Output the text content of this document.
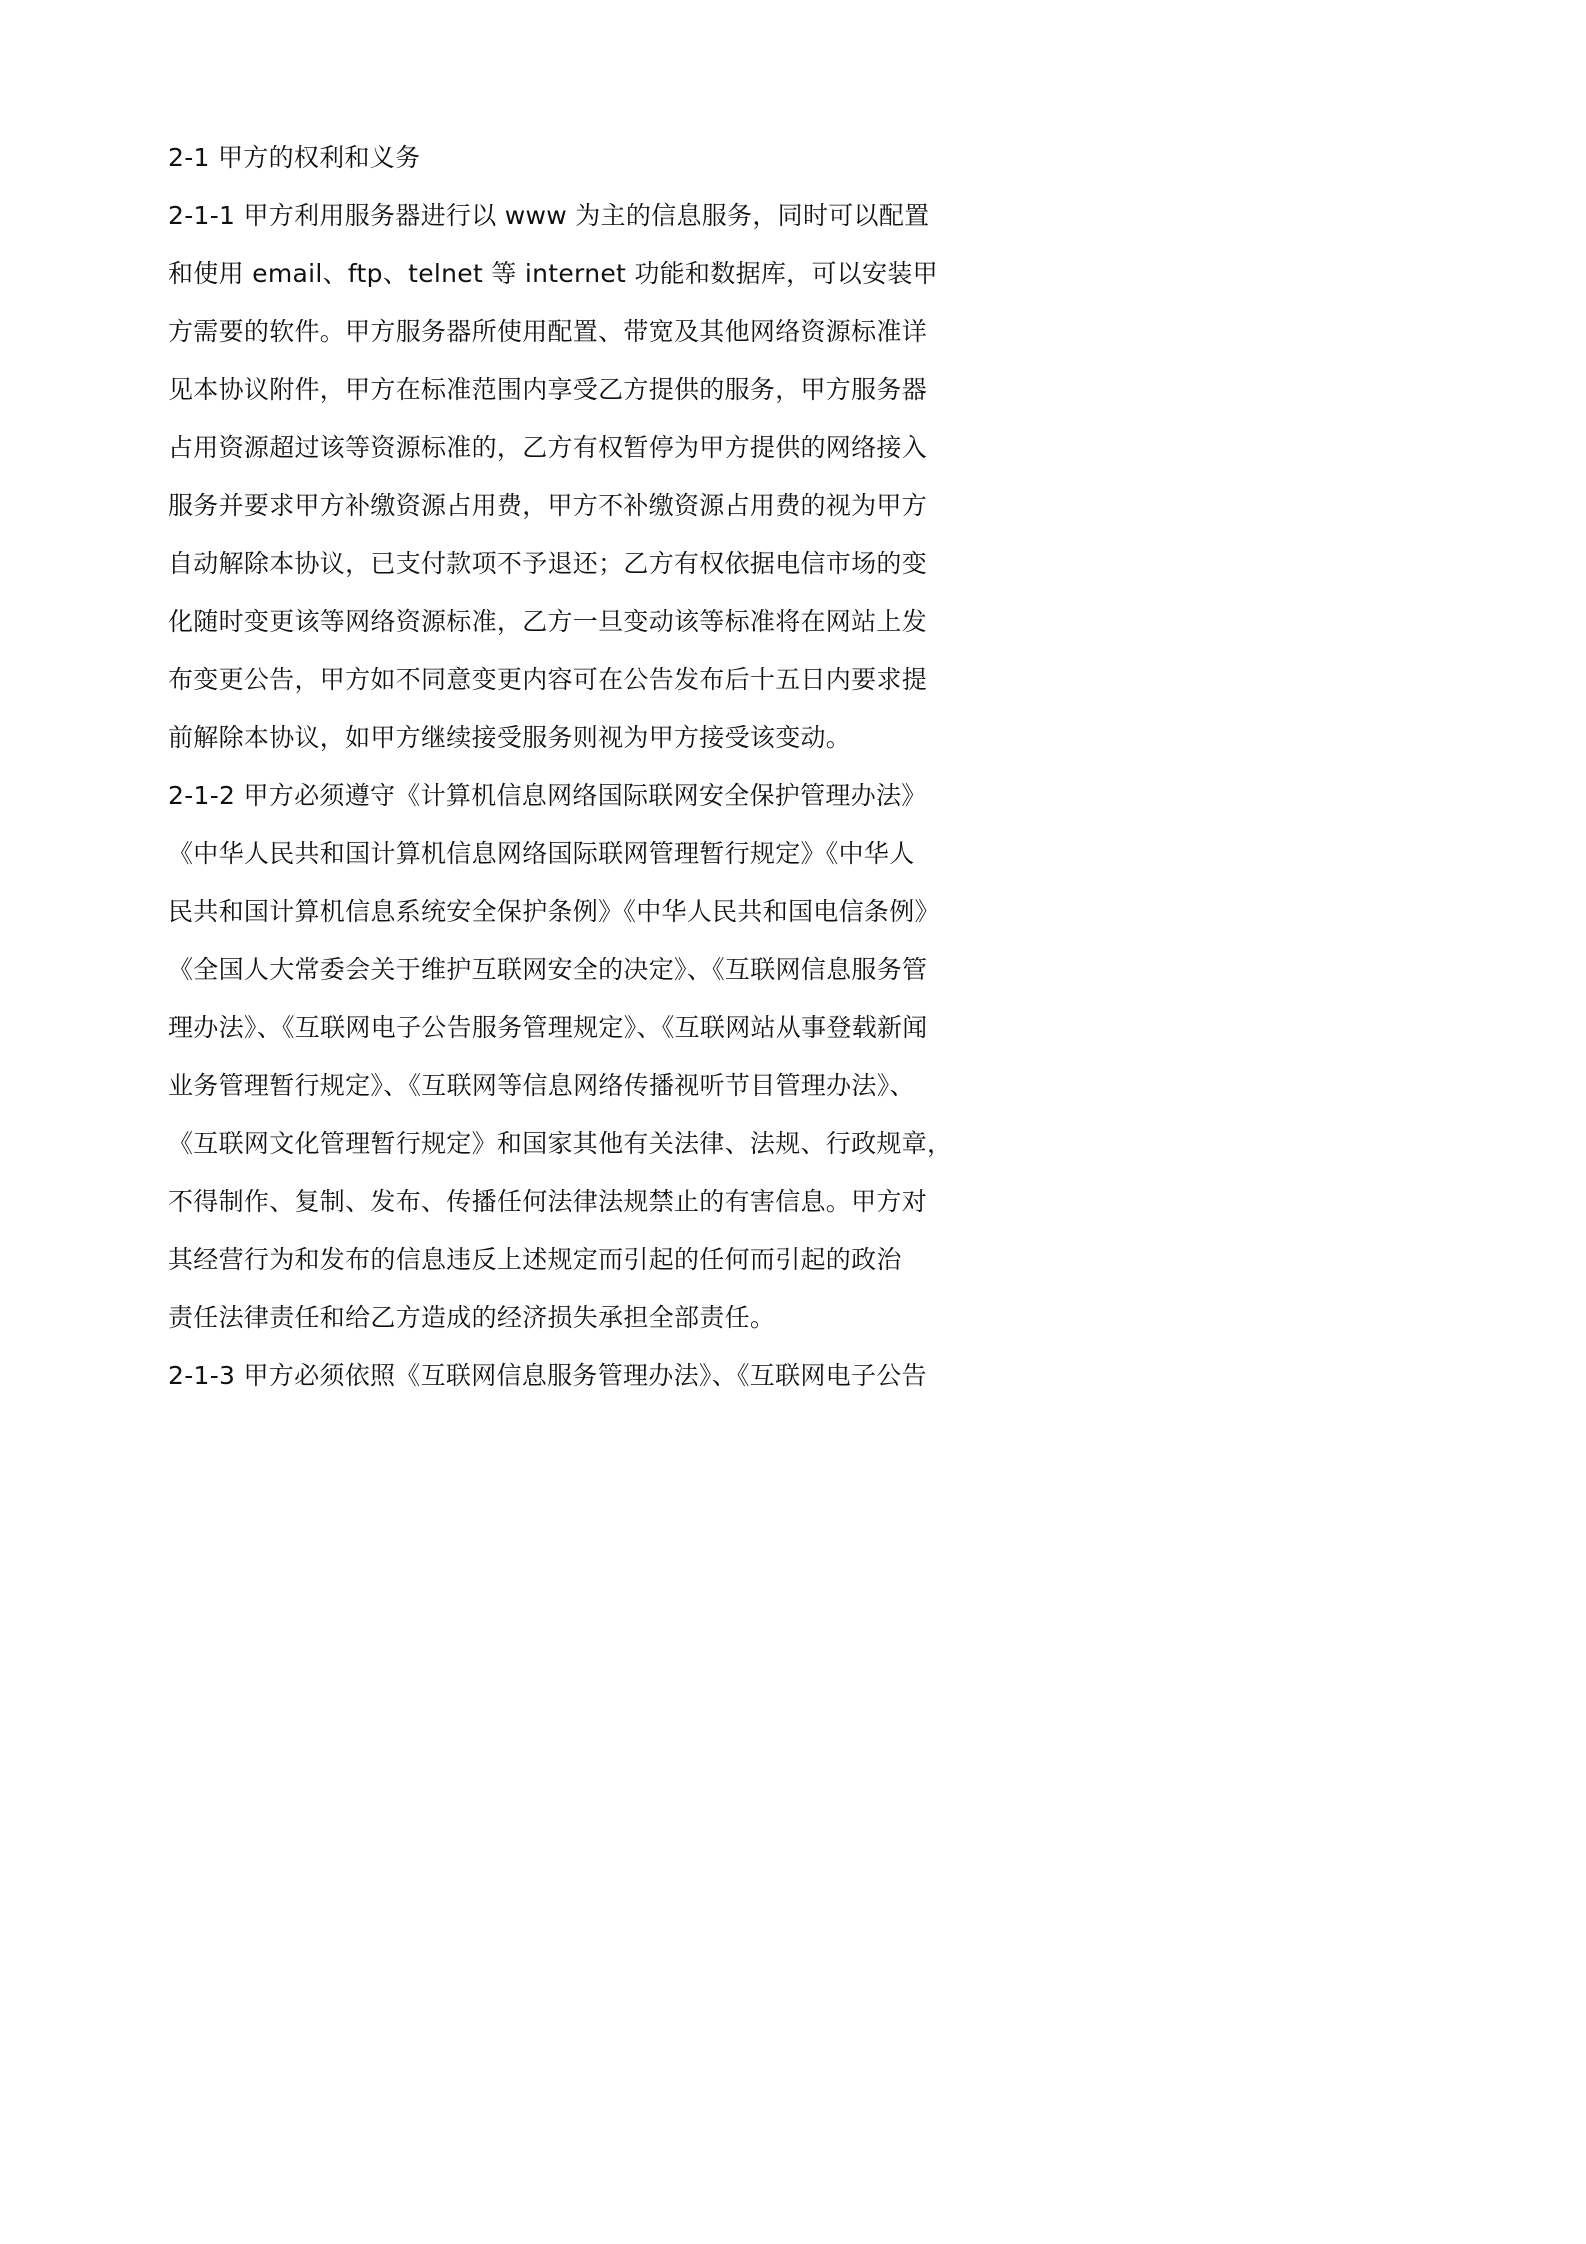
2-1 甲方的权利和义务
2-1-1 甲方利用服务器进行以 www 为主的信息服务，同时可以配置
和使用 email、ftp、telnet 等 internet 功能和数据库，可以安装甲
方需要的软件。甲方服务器所使用配置、带宽及其他网络资源标准详
见本协议附件，甲方在标准范围内享受乙方提供的服务，甲方服务器
占用资源超过该等资源标准的，乙方有权暂停为甲方提供的网络接入
服务并要求甲方补缴资源占用费，甲方不补缴资源占用费的视为甲方
自动解除本协议，已支付款项不予退还；乙方有权依据电信市场的变
化随时变更该等网络资源标准，乙方一旦变动该等标准将在网站上发
布变更公告，甲方如不同意变更内容可在公告发布后十五日内要求提
前解除本协议，如甲方继续接受服务则视为甲方接受该变动。
2-1-2 甲方必须遵守《计算机信息网络国际联网安全保护管理办法》
《中华人民共和国计算机信息网络国际联网管理暂行规定》《中华人
民共和国计算机信息系统安全保护条例》《中华人民共和国电信条例》
《全国人大常委会关于维护互联网安全的决定》、《互联网信息服务管
理办法》、《互联网电子公告服务管理规定》、《互联网站从事登载新闻
业务管理暂行规定》、《互联网等信息网络传播视听节目管理办法》、
《互联网文化管理暂行规定》和国家其他有关法律、法规、行政规章，
不得制作、复制、发布、传播任何法律法规禁止的有害信息。甲方对
其经营行为和发布的信息违反上述规定而引起的任何而引起的政治
责任法律责任和给乙方造成的经济损失承担全部责任。
2-1-3 甲方必须依照《互联网信息服务管理办法》、《互联网电子公告
